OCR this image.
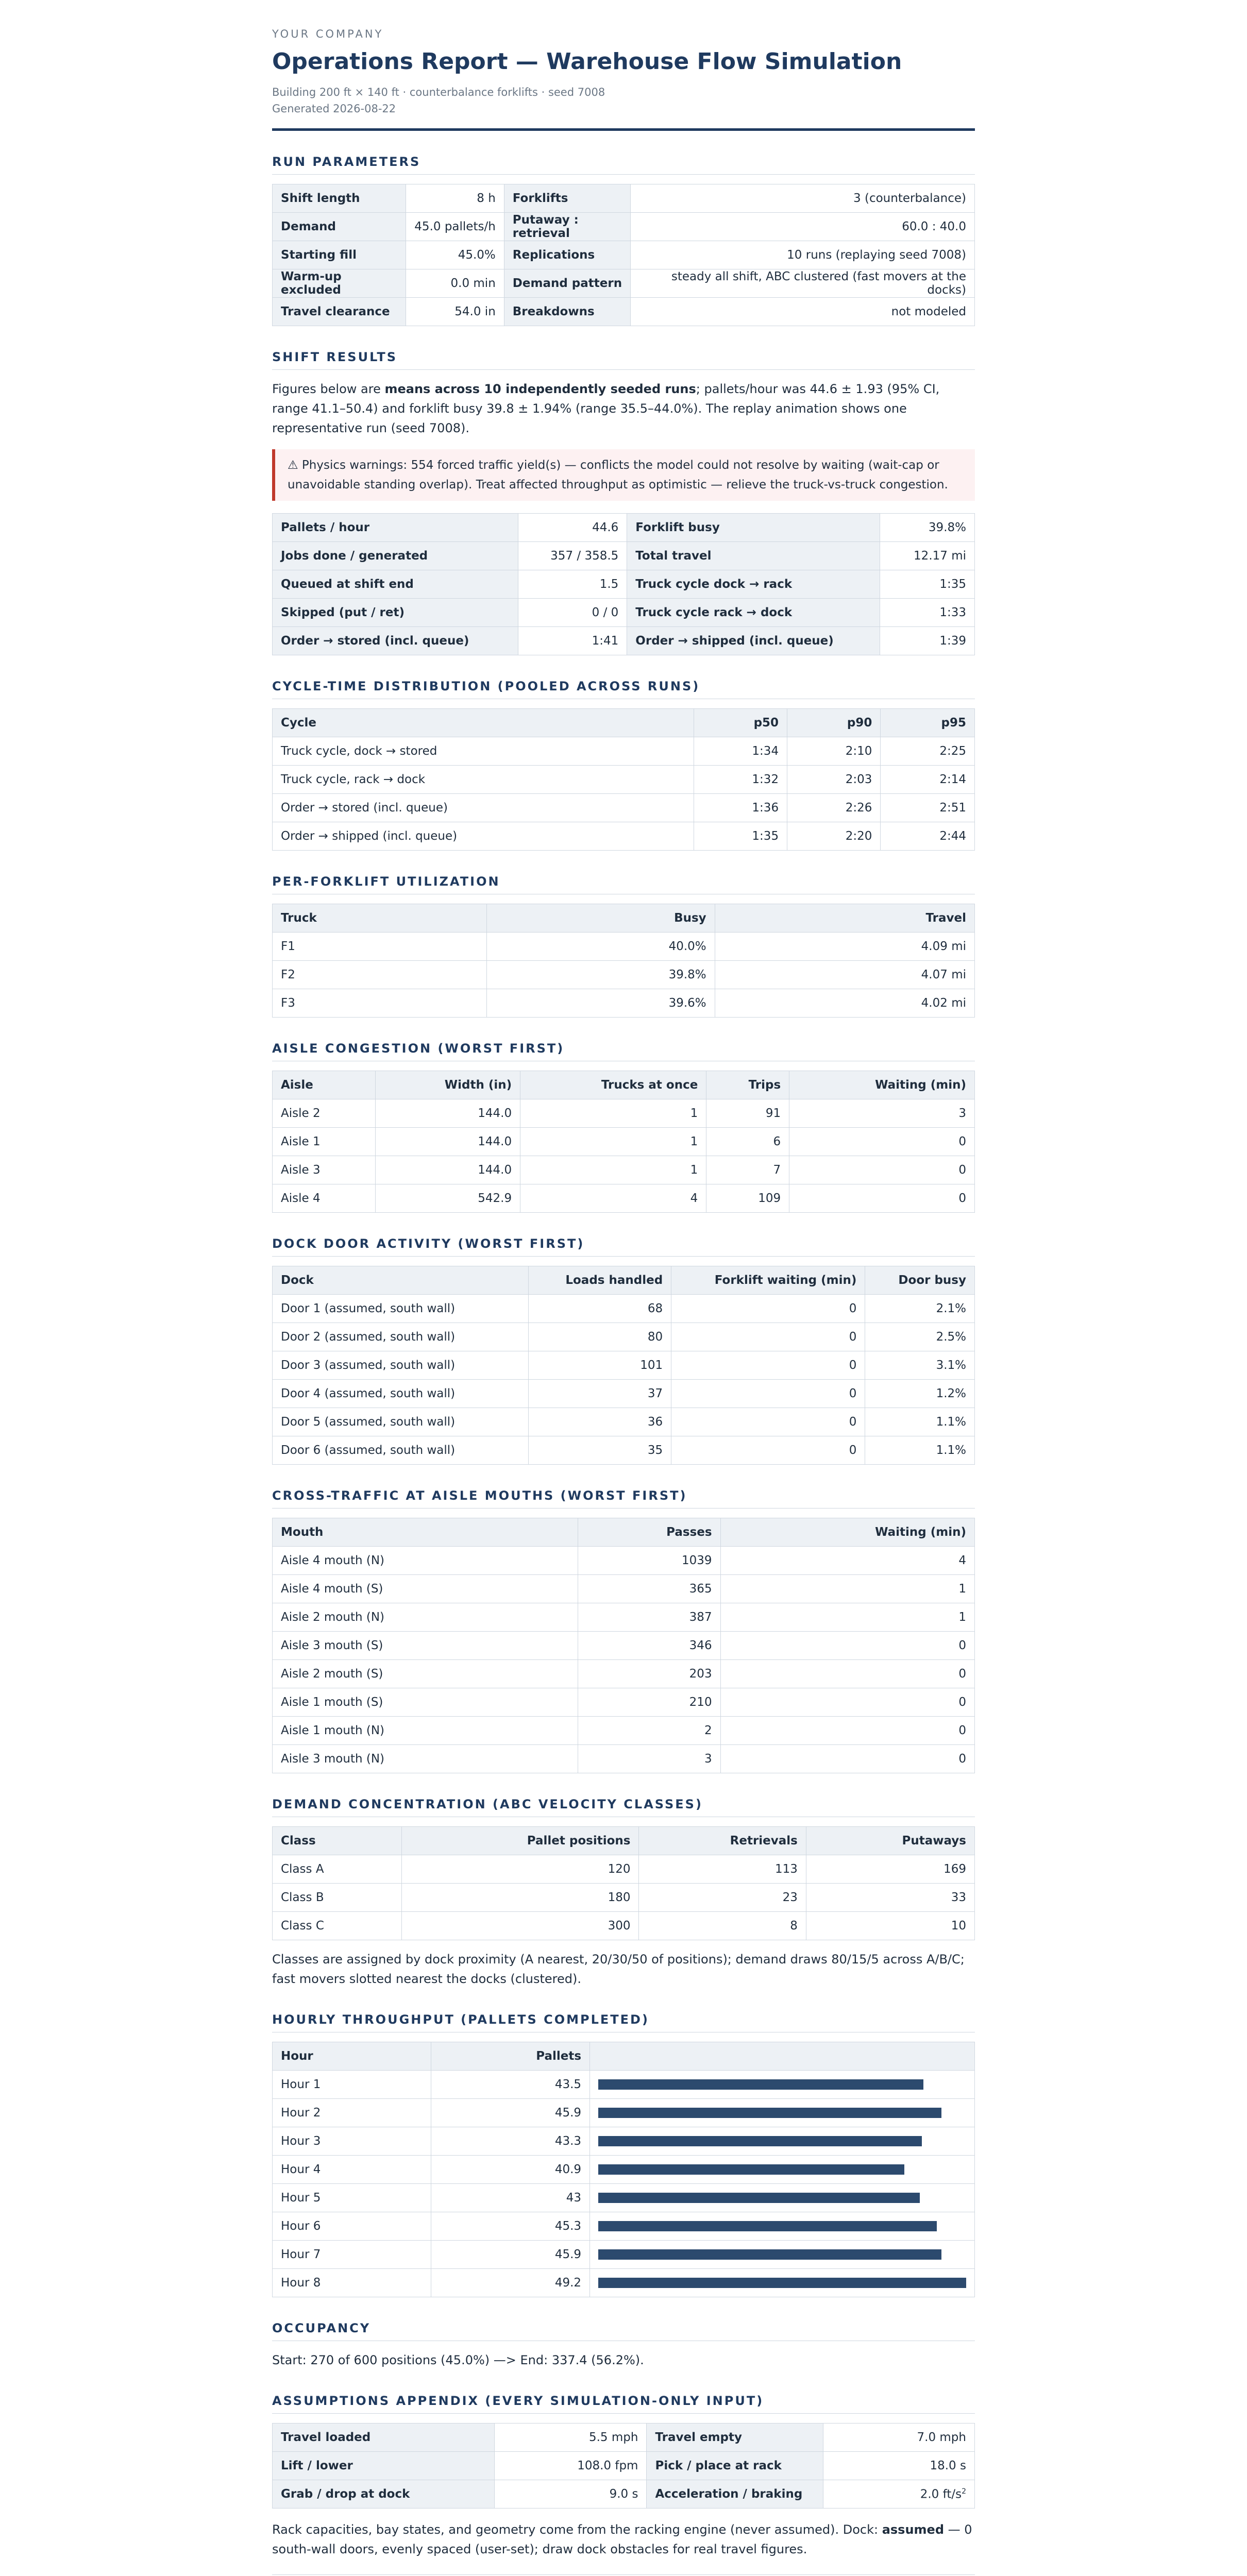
YOUR COMPANY
Operations Report — Warehouse Flow Simulation
Building 200 ft × 140 ft · counterbalance forklifts · seed 7008
Generated 2026-08-22
RUN PARAMETERS
Shift length	8 h	Forklifts	3 (counterbalance)
Demand	45.0 pallets/h	Putaway : retrieval	60.0 : 40.0
Starting fill	45.0%	Replications	10 runs (replaying seed 7008)
Warm-up excluded	0.0 min	Demand pattern	steady all shift, ABC clustered (fast movers at the docks)
Travel clearance	54.0 in	Breakdowns	not modeled
SHIFT RESULTS

Figures below are means across 10 independently seeded runs; pallets/hour was 44.6 ± 1.93 (95% CI, range 41.1–50.4) and forklift busy 39.8 ± 1.94% (range 35.5–44.0%). The replay animation shows one representative run (seed 7008).

⚠ Physics warnings: 554 forced traffic yield(s) — conflicts the model could not resolve by waiting (wait-cap or unavoidable standing overlap). Treat affected throughput as optimistic — relieve the truck-vs-truck congestion.
Pallets / hour	44.6	Forklift busy	39.8%
Jobs done / generated	357 / 358.5	Total travel	12.17 mi
Queued at shift end	1.5	Truck cycle dock → rack	1:35
Skipped (put / ret)	0 / 0	Truck cycle rack → dock	1:33
Order → stored (incl. queue)	1:41	Order → shipped (incl. queue)	1:39
CYCLE-TIME DISTRIBUTION (POOLED ACROSS RUNS)
Cycle	p50	p90	p95
Truck cycle, dock → stored	1:34	2:10	2:25
Truck cycle, rack → dock	1:32	2:03	2:14
Order → stored (incl. queue)	1:36	2:26	2:51
Order → shipped (incl. queue)	1:35	2:20	2:44
PER-FORKLIFT UTILIZATION
Truck	Busy	Travel
F1	40.0%	4.09 mi
F2	39.8%	4.07 mi
F3	39.6%	4.02 mi
AISLE CONGESTION (WORST FIRST)
Aisle	Width (in)	Trucks at once	Trips	Waiting (min)
Aisle 2	144.0	1	91	3
Aisle 1	144.0	1	6	0
Aisle 3	144.0	1	7	0
Aisle 4	542.9	4	109	0
DOCK DOOR ACTIVITY (WORST FIRST)
Dock	Loads handled	Forklift waiting (min)	Door busy
Door 1 (assumed, south wall)	68	0	2.1%
Door 2 (assumed, south wall)	80	0	2.5%
Door 3 (assumed, south wall)	101	0	3.1%
Door 4 (assumed, south wall)	37	0	1.2%
Door 5 (assumed, south wall)	36	0	1.1%
Door 6 (assumed, south wall)	35	0	1.1%
CROSS-TRAFFIC AT AISLE MOUTHS (WORST FIRST)
Mouth	Passes	Waiting (min)
Aisle 4 mouth (N)	1039	4
Aisle 4 mouth (S)	365	1
Aisle 2 mouth (N)	387	1
Aisle 3 mouth (S)	346	0
Aisle 2 mouth (S)	203	0
Aisle 1 mouth (S)	210	0
Aisle 1 mouth (N)	2	0
Aisle 3 mouth (N)	3	0
DEMAND CONCENTRATION (ABC VELOCITY CLASSES)
Class	Pallet positions	Retrievals	Putaways
Class A	120	113	169
Class B	180	23	33
Class C	300	8	10

Classes are assigned by dock proximity (A nearest, 20/30/50 of positions); demand draws 80/15/5 across A/B/C; fast movers slotted nearest the docks (clustered).

HOURLY THROUGHPUT (PALLETS COMPLETED)
Hour	Pallets	
Hour 1	43.5	

Hour 2	45.9	

Hour 3	43.3	

Hour 4	40.9	

Hour 5	43	

Hour 6	45.3	

Hour 7	45.9	

Hour 8	49.2	
OCCUPANCY

Start: 270 of 600 positions (45.0%) —> End: 337.4 (56.2%).

ASSUMPTIONS APPENDIX (EVERY SIMULATION-ONLY INPUT)
Travel loaded	5.5 mph	Travel empty	7.0 mph
Lift / lower	108.0 fpm	Pick / place at rack	18.0 s
Grab / drop at dock	9.0 s	Acceleration / braking	2.0 $ft/s^2$

Rack capacities, bay states, and geometry come from the racking engine (never assumed). Dock: assumed — 0 south-wall doors, evenly spaced (user-set); draw dock obstacles for real travel figures.
